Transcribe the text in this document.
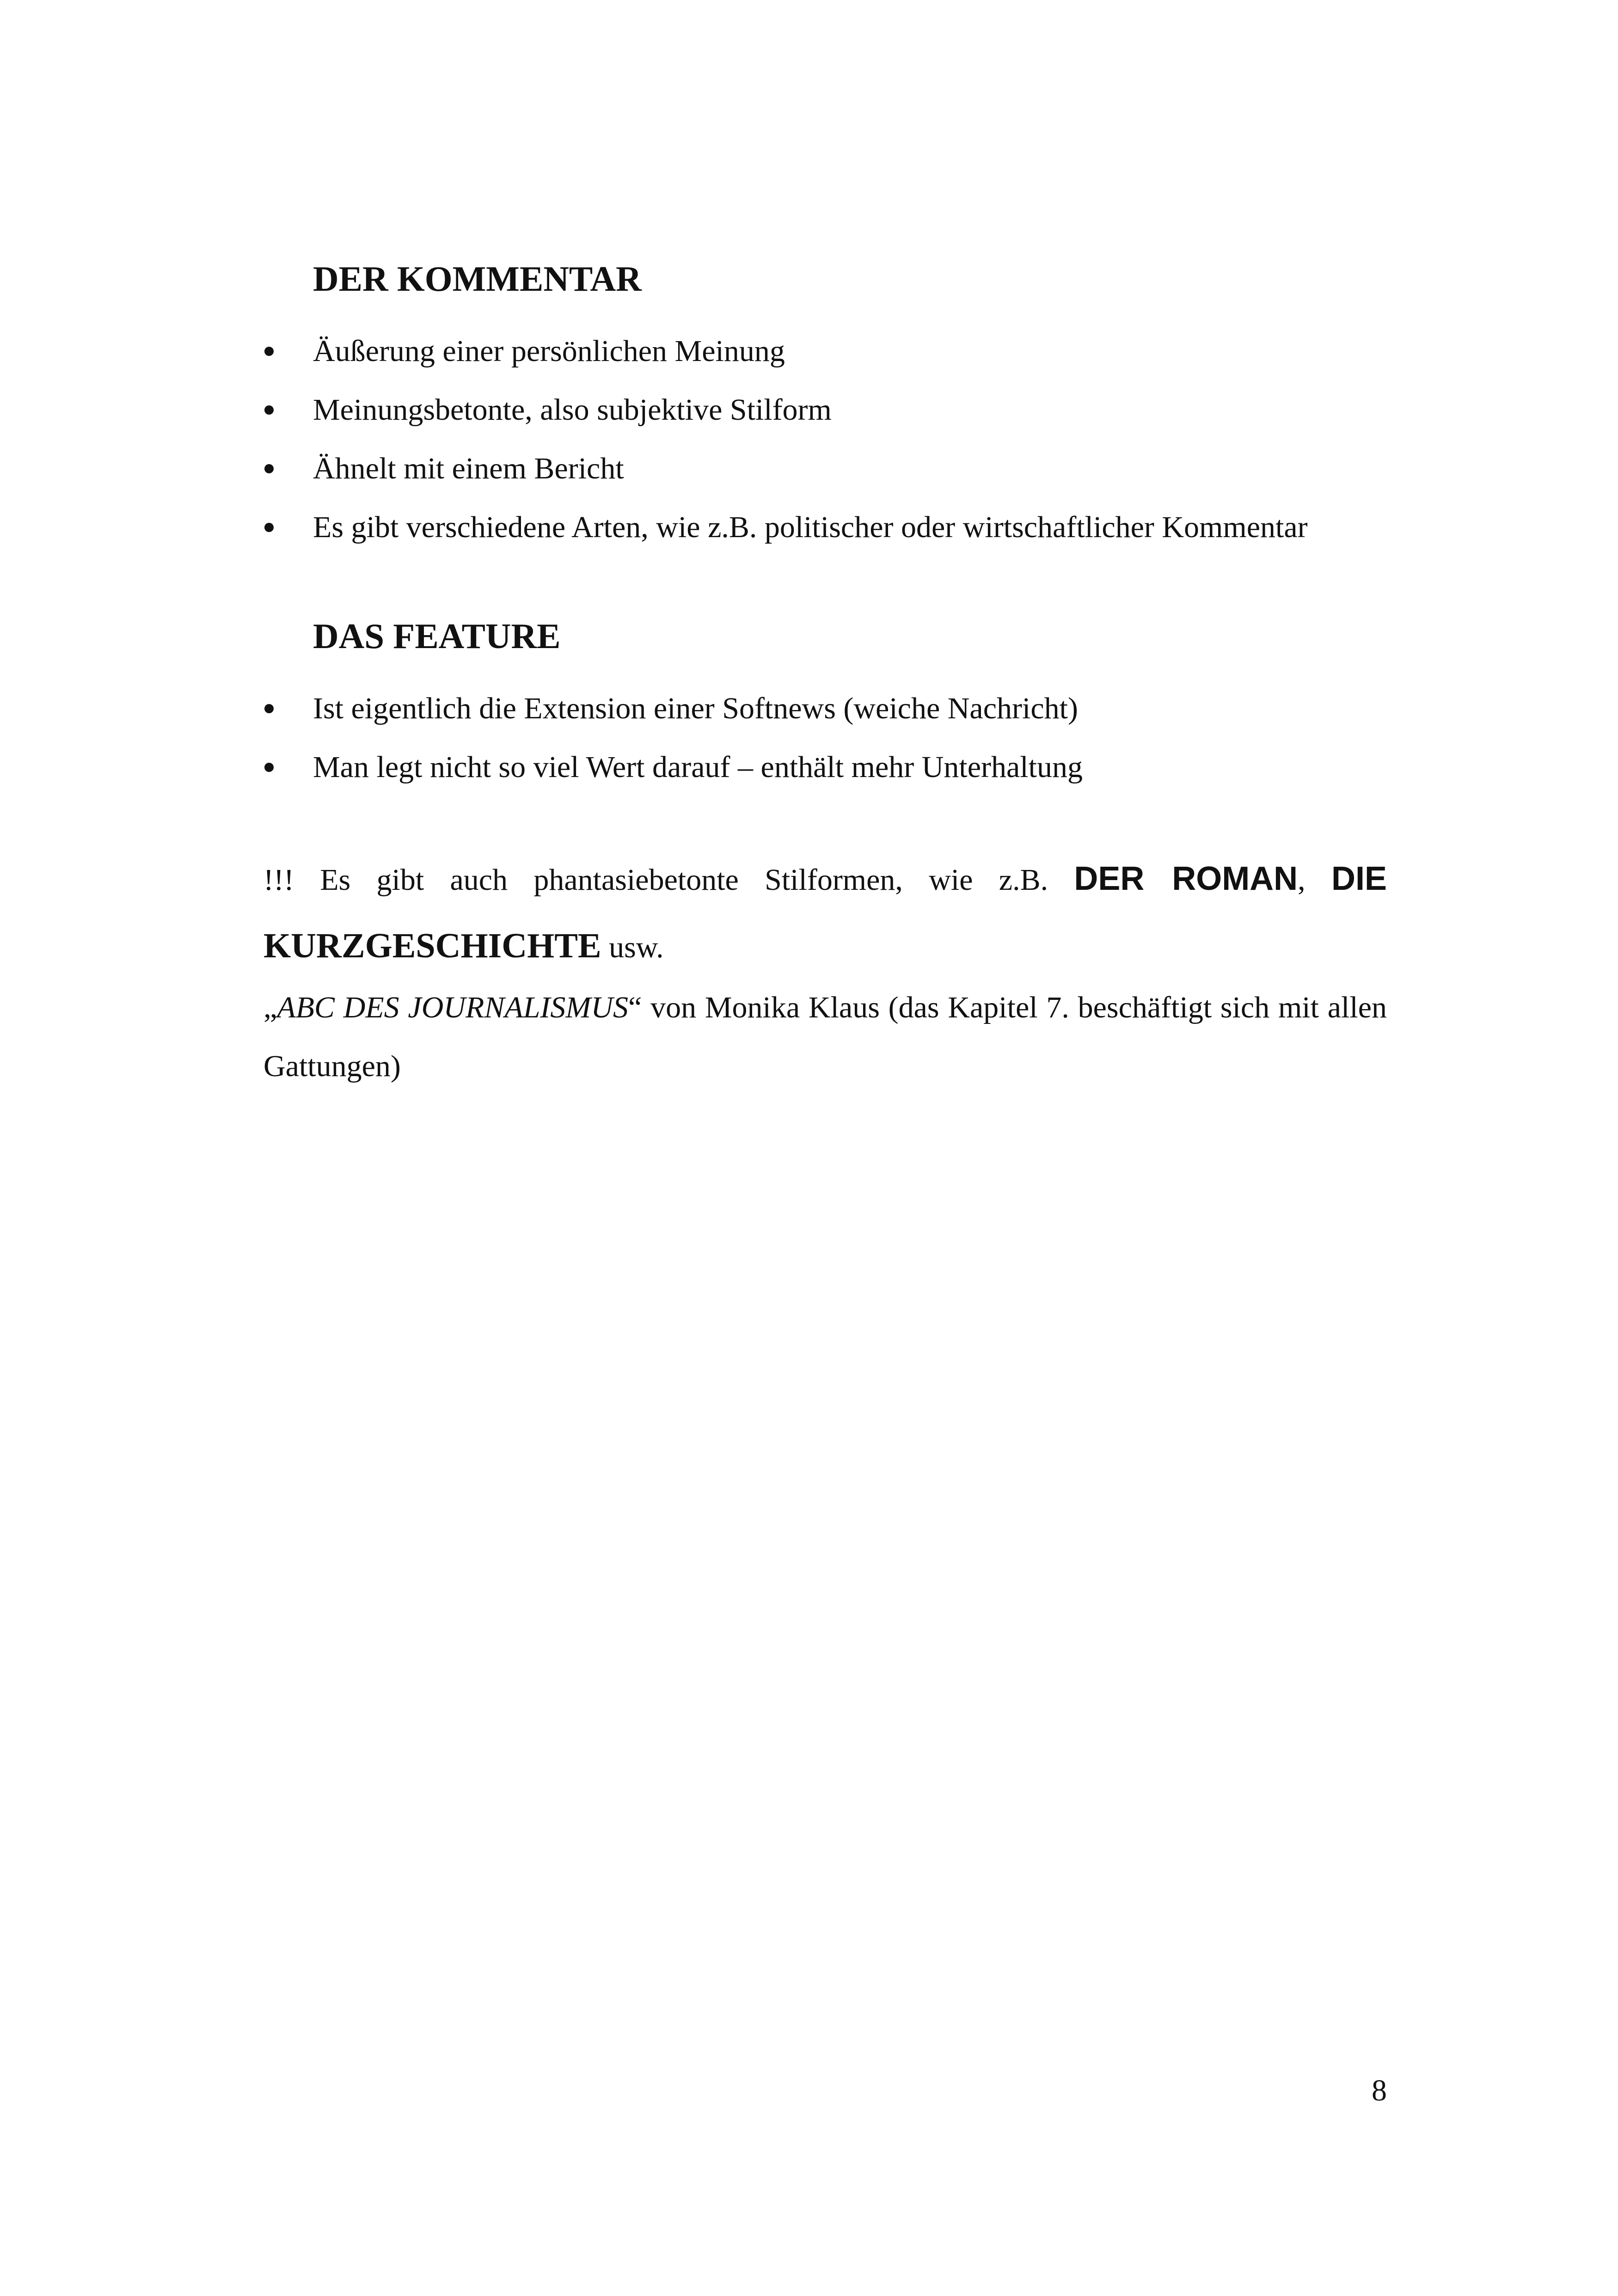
DER KOMMENTAR
Äußerung einer persönlichen Meinung
Meinungsbetonte, also subjektive Stilform
Ähnelt mit einem Bericht
Es gibt verschiedene Arten, wie z.B. politischer oder wirtschaftlicher Kommentar
DAS FEATURE
Ist eigentlich die Extension einer Softnews (weiche Nachricht)
Man legt nicht so viel Wert darauf – enthält mehr Unterhaltung

!!! Es gibt auch phantasiebetonte Stilformen, wie z.B. DER ROMAN, DIE KURZGESCHICHTE usw.

„ABC DES JOURNALISMUS“ von Monika Klaus (das Kapitel 7. beschäftigt sich mit allen Gattungen)

8
